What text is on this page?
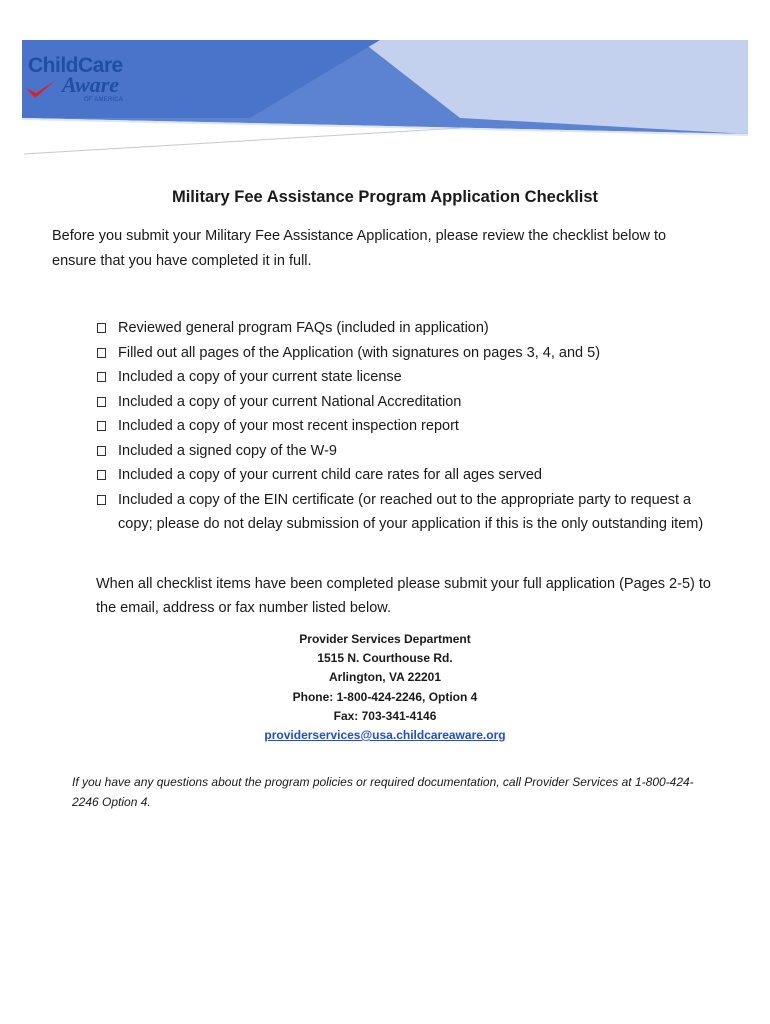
ChildCare
Aware
OF AMERICA
Military Fee Assistance Program Application Checklist

Before you submit your Military Fee Assistance Application, please review the checklist below to ensure that you have completed it in full.

Reviewed general program FAQs (included in application)
Filled out all pages of the Application (with signatures on pages 3, 4, and 5)
Included a copy of your current state license
Included a copy of your current National Accreditation
Included a copy of your most recent inspection report
Included a signed copy of the W-9
Included a copy of your current child care rates for all ages served
Included a copy of the EIN certificate (or reached out to the appropriate party to request a copy; please do not delay submission of your application if this is the only outstanding item)

When all checklist items have been completed please submit your full application (Pages 2-5) to the email, address or fax number listed below.

Provider Services Department
1515 N. Courthouse Rd.
Arlington, VA 22201
Phone: 1-800-424-2246, Option 4
Fax: 703-341-4146
providerservices@usa.childcareaware.org

If you have any questions about the program policies or required documentation, call Provider Services at 1-800-424-2246 Option 4.
